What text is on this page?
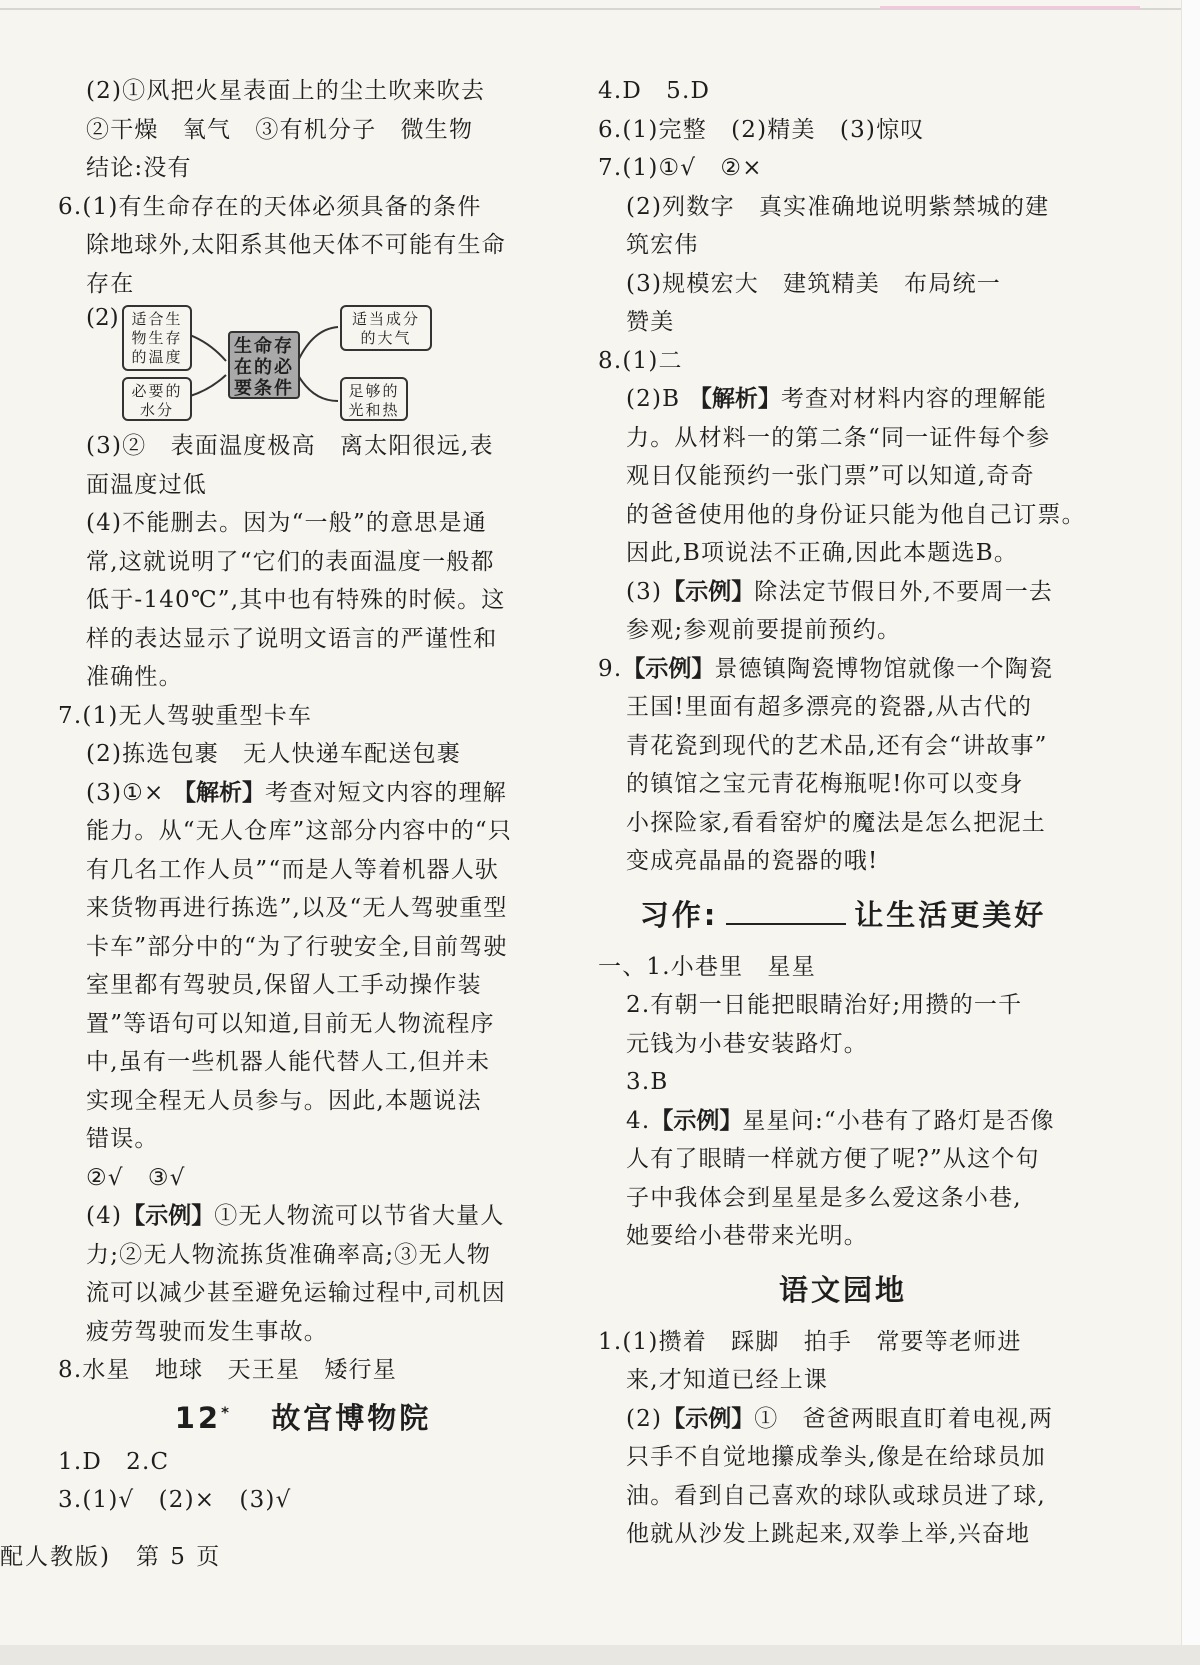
(2)①风把火星表面上的尘土吹来吹去
②干燥　氧气　③有机分子　微生物
结论:没有
6.(1)有生命存在的天体必须具备的条件
除地球外,太阳系其他天体不可能有生命
存在
(2) 适合生物生存的温度
必要的水分
生命存在的必要条件
适当成分的大气
足够的光和热
(3)②　表面温度极高　离太阳很远,表
面温度过低
(4)不能删去。因为“一般”的意思是通
常,这就说明了“它们的表面温度一般都
低于-140℃”,其中也有特殊的时候。这
样的表达显示了说明文语言的严谨性和
准确性。
7.(1)无人驾驶重型卡车
(2)拣选包裹　无人快递车配送包裹
(3)①× 【解析】考查对短文内容的理解
能力。从“无人仓库”这部分内容中的“只
有几名工作人员”“而是人等着机器人驮
来货物再进行拣选”,以及“无人驾驶重型
卡车”部分中的“为了行驶安全,目前驾驶
室里都有驾驶员,保留人工手动操作装
置”等语句可以知道,目前无人物流程序
中,虽有一些机器人能代替人工,但并未
实现全程无人员参与。因此,本题说法
错误。
②√　③√
(4)【示例】①无人物流可以节省大量人
力;②无人物流拣货准确率高;③无人物
流可以减少甚至避免运输过程中,司机因
疲劳驾驶而发生事故。
8.水星　地球　天王星　矮行星
12* 故宫博物院
1.D　2.C
3.(1)√　(2)×　(3)√
4.D　5.D
6.(1)完整　(2)精美　(3)惊叹
7.(1)①√　②×
(2)列数字　真实准确地说明紫禁城的建
筑宏伟
(3)规模宏大　建筑精美　布局统一
赞美
8.(1)二
(2)B 【解析】考查对材料内容的理解能
力。从材料一的第二条“同一证件每个参
观日仅能预约一张门票”可以知道,奇奇
的爸爸使用他的身份证只能为他自己订票。
因此,B项说法不正确,因此本题选B。
(3)【示例】除法定节假日外,不要周一去
参观;参观前要提前预约。
9.【示例】景德镇陶瓷博物馆就像一个陶瓷
王国!里面有超多漂亮的瓷器,从古代的
青花瓷到现代的艺术品,还有会“讲故事”
的镇馆之宝元青花梅瓶呢!你可以变身
小探险家,看看窑炉的魔法是怎么把泥土
变成亮晶晶的瓷器的哦!
习作:	让生活更美好
一、1.小巷里　星星
2.有朝一日能把眼睛治好;用攒的一千
元钱为小巷安装路灯。
3.B
4.【示例】星星问:“小巷有了路灯是否像
人有了眼睛一样就方便了呢?”从这个句
子中我体会到星星是多么爱这条小巷,
她要给小巷带来光明。
语文园地
1.(1)攒着　踩脚　拍手　常要等老师进
来,才知道已经上课
(2)【示例】①　爸爸两眼直盯着电视,两
只手不自觉地攥成拳头,像是在给球员加
油。看到自己喜欢的球队或球员进了球,
他就从沙发上跳起来,双拳上举,兴奋地
配人教版)　第 5 页
